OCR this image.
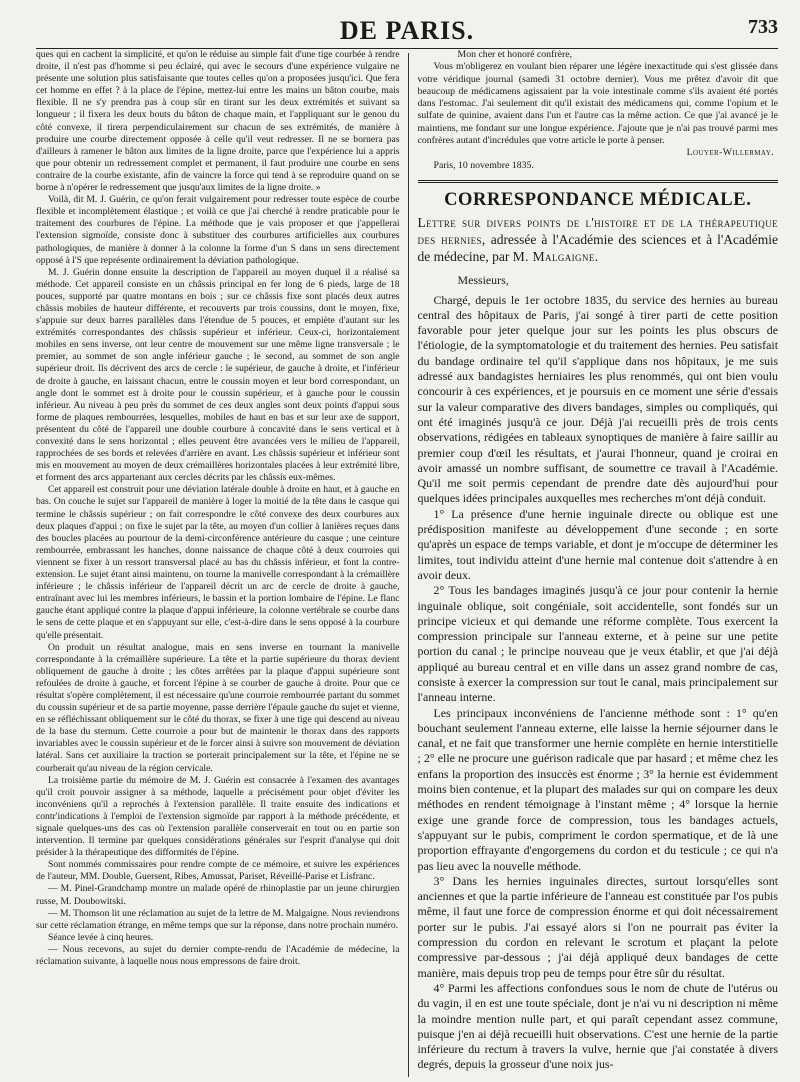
DE PARIS.	733

ques qui en cachent la simplicité, et qu'on le réduise au simple fait d'une tige courbée à rendre droite, il n'est pas d'homme si peu éclairé, qui avec le secours d'une expérience vulgaire ne présente une solution plus satisfaisante que toutes celles qu'on a proposées jusqu'ici. Que fera cet homme en effet ? à la place de l'épine, mettez-lui entre les mains un bâton courbe, mais flexible. Il ne s'y prendra pas à coup sûr en tirant sur les deux extrémités et suivant sa longueur ; il fixera les deux bouts du bâton de chaque main, et l'appliquant sur le genou du côté convexe, il tirera perpendiculairement sur chacun de ses extrémités, de manière à produire une courbe directement opposée à celle qu'il veut redresser. Il ne se bornera pas d'ailleurs à ramener le bâton aux limites de la ligne droite, parce que l'expérience lui a appris que pour obtenir un redressement complet et permanent, il faut produire une courbe en sens contraire de la courbe existante, afin de vaincre la force qui tend à se reproduire quand on se borne à n'opérer le redressement que jusqu'aux limites de la ligne droite. »

Voilà, dit M. J. Guérin, ce qu'on ferait vulgairement pour redresser toute espèce de courbe flexible et incomplètement élastique ; et voilà ce que j'ai cherché à rendre praticable pour le traitement des courbures de l'épine. La méthode que je vais proposer et que j'appellerai l'extension sigmoïde, consiste donc à substituer des courbures artificielles aux courbures pathologiques, de manière à donner à la colonne la forme d'un S dans un sens directement opposé à l'S que représente ordinairement la déviation pathologique.

M. J. Guérin donne ensuite la description de l'appareil au moyen duquel il a réalisé sa méthode. Cet appareil consiste en un châssis principal en fer long de 6 pieds, large de 18 pouces, supporté par quatre montans en bois ; sur ce châssis fixe sont placés deux autres châssis mobiles de hauteur différente, et recouverts par trois coussins, dont le moyen, fixe, s'appuie sur deux barres parallèles dans l'étendue de 5 pouces, et empiète d'autant sur les extrémités correspondantes des châssis supérieur et inférieur. Ceux-ci, horizontalement mobiles en sens inverse, ont leur centre de mouvement sur une même ligne transversale ; le premier, au sommet de son angle inférieur gauche ; le second, au sommet de son angle supérieur droit. Ils décrivent des arcs de cercle : le supérieur, de gauche à droite, et l'inférieur de droite à gauche, en laissant chacun, entre le coussin moyen et leur bord correspondant, un angle dont le sommet est à droite pour le coussin supérieur, et à gauche pour le coussin inférieur. Au niveau à peu près du sommet de ces deux angles sont deux points d'appui sous forme de plaques rembourrées, lesquelles, mobiles de haut en bas et sur leur axe de support, présentent du côté de l'appareil une double courbure à concavité dans le sens vertical et à convexité dans le sens horizontal ; elles peuvent être avancées vers le milieu de l'appareil, rapprochées de ses bords et relevées d'arrière en avant. Les châssis supérieur et inférieur sont mis en mouvement au moyen de deux crémaillères horizontales placées à leur extrémité libre, et forment des arcs appartenant aux cercles décrits par les châssis eux-mêmes.

Cet appareil est construit pour une déviation latérale double à droite en haut, et à gauche en bas. On couche le sujet sur l'appareil de manière à loger la moitié de la tête dans le casque qui termine le châssis supérieur ; on fait correspondre le côté convexe des deux courbures aux deux plaques d'appui ; on fixe le sujet par la tête, au moyen d'un collier à lanières reçues dans des boucles placées au pourtour de la demi-circonférence antérieure du casque ; une ceinture rembourrée, embrassant les hanches, donne naissance de chaque côté à deux courroies qui viennent se fixer à un ressort transversal placé au bas du châssis inférieur, et font la contre-extension. Le sujet étant ainsi maintenu, on tourne la manivelle correspondant à la crémaillère inférieure ; le châssis inférieur de l'appareil décrit un arc de cercle de droite à gauche, entraînant avec lui les membres inférieurs, le bassin et la portion lombaire de l'épine. Le flanc gauche étant appliqué contre la plaque d'appui inférieure, la colonne vertébrale se courbe dans le sens de cette plaque et en s'appuyant sur elle, c'est-à-dire dans le sens opposé à la courbure qu'elle présentait.

On produit un résultat analogue, mais en sens inverse en tournant la manivelle correspondante à la crémaillère supérieure. La tête et la partie supérieure du thorax devient obliquement de gauche à droite ; les côtes arrêtées par la plaque d'appui supérieure sont refoulées de droite à gauche, et forcent l'épine à se courber de gauche à droite. Pour que ce résultat s'opère complètement, il est nécessaire qu'une courroie rembourrée partant du sommet du coussin supérieur et de sa partie moyenne, passe derrière l'épaule gauche du sujet et vienne, en se réfléchissant obliquement sur le côté du thorax, se fixer à une tige qui descend au niveau de la base du sternum. Cette courroie a pour but de maintenir le thorax dans des rapports invariables avec le coussin supérieur et de le forcer ainsi à suivre son mouvement de déviation latéral. Sans cet auxiliaire la traction se porterait principalement sur la tête, et l'épine ne se courberait qu'au niveau de la région cervicale.

La troisième partie du mémoire de M. J. Guérin est consacrée à l'examen des avantages qu'il croit pouvoir assigner à sa méthode, laquelle a précisément pour objet d'éviter les inconvéniens qu'il a reprochés à l'extension parallèle. Il traite ensuite des indications et contr'indications à l'emploi de l'extension sigmoïde par rapport à la méthode précédente, et signale quelques-uns des cas où l'extension parallèle conserverait en tout ou en partie son intervention. Il termine par quelques considérations générales sur l'esprit d'analyse qui doit présider à la thérapeutique des difformités de l'épine.

Sont nommés commissaires pour rendre compte de ce mémoire, et suivre les expériences de l'auteur, MM. Double, Guersent, Ribes, Amussat, Pariset, Réveillé-Parise et Lisfranc.

— M. Pinel-Grandchamp montre un malade opéré de rhinoplastie par un jeune chirurgien russe, M. Doubowitski.

— M. Thomson lit une réclamation au sujet de la lettre de M. Malgaigne. Nous reviendrons sur cette réclamation étrange, en même temps que sur la réponse, dans notre prochain numéro.

Séance levée à cinq heures.

— Nous recevons, au sujet du dernier compte-rendu de l'Académie de médecine, la réclamation suivante, à laquelle nous nous empressons de faire droit.

Mon cher et honoré confrère,

Vous m'obligerez en voulant bien réparer une légère inexactitude qui s'est glissée dans votre véridique journal (samedi 31 octobre dernier). Vous me prêtez d'avoir dit que beaucoup de médicamens agissaient par la voie intestinale comme s'ils avaient été portés dans l'estomac. J'ai seulement dit qu'il existait des médicamens qui, comme l'opium et le sulfate de quinine, avaient dans l'un et l'autre cas la même action. Ce que j'ai avancé je le maintiens, me fondant sur une longue expérience. J'ajoute que je n'ai pas trouvé parmi mes confrères autant d'incrédules que votre article le porte à penser.

Louyer-Willermay.
Paris, 10 novembre 1835.
CORRESPONDANCE MÉDICALE.
Lettre sur divers points de l'histoire et de la thérapeutique des hernies, adressée à l'Académie des sciences et à l'Académie de médecine, par M. Malgaigne.

Messieurs,

Chargé, depuis le 1er octobre 1835, du service des hernies au bureau central des hôpitaux de Paris, j'ai songé à tirer parti de cette position favorable pour jeter quelque jour sur les points les plus obscurs de l'étiologie, de la symptomatologie et du traitement des hernies. Peu satisfait du bandage ordinaire tel qu'il s'applique dans nos hôpitaux, je me suis adressé aux bandagistes herniaires les plus renommés, qui ont bien voulu concourir à ces expériences, et je poursuis en ce moment une série d'essais sur la valeur comparative des divers bandages, simples ou compliqués, qui ont été imaginés jusqu'à ce jour. Déjà j'ai recueilli près de trois cents observations, rédigées en tableaux synoptiques de manière à faire saillir au premier coup d'œil les résultats, et j'aurai l'honneur, quand je croirai en avoir amassé un nombre suffisant, de soumettre ce travail à l'Académie. Qu'il me soit permis cependant de prendre date dès aujourd'hui pour quelques idées principales auxquelles mes recherches m'ont déjà conduit.

1° La présence d'une hernie inguinale directe ou oblique est une prédisposition manifeste au développement d'une seconde ; en sorte qu'après un espace de temps variable, et dont je m'occupe de déterminer les limites, tout individu atteint d'une hernie mal contenue doit s'attendre à en avoir deux.

2° Tous les bandages imaginés jusqu'à ce jour pour contenir la hernie inguinale oblique, soit congéniale, soit accidentelle, sont fondés sur un principe vicieux et qui demande une réforme complète. Tous exercent la compression principale sur l'anneau externe, et à peine sur une petite portion du canal ; le principe nouveau que je veux établir, et que j'ai déjà appliqué au bureau central et en ville dans un assez grand nombre de cas, consiste à exercer la compression sur tout le canal, mais principalement sur l'anneau interne.

Les principaux inconvéniens de l'ancienne méthode sont : 1° qu'en bouchant seulement l'anneau externe, elle laisse la hernie séjourner dans le canal, et ne fait que transformer une hernie complète en hernie interstitielle ; 2° elle ne procure une guérison radicale que par hasard ; et même chez les enfans la proportion des insuccès est énorme ; 3° la hernie est évidemment moins bien contenue, et la plupart des malades sur qui on compare les deux méthodes en rendent témoignage à l'instant même ; 4° lorsque la hernie exige une grande force de compression, tous les bandages actuels, s'appuyant sur le pubis, compriment le cordon spermatique, et de là une proportion effrayante d'engorgemens du cordon et du testicule ; ce qui n'a pas lieu avec la nouvelle méthode.

3° Dans les hernies inguinales directes, surtout lorsqu'elles sont anciennes et que la partie inférieure de l'anneau est constituée par l'os pubis même, il faut une force de compression énorme et qui doit nécessairement porter sur le pubis. J'ai essayé alors si l'on ne pourrait pas éviter la compression du cordon en relevant le scrotum et plaçant la pelote compressive par-dessous ; j'ai déjà appliqué deux bandages de cette manière, mais depuis trop peu de temps pour être sûr du résultat.

4° Parmi les affections confondues sous le nom de chute de l'utérus ou du vagin, il en est une toute spéciale, dont je n'ai vu ni description ni même la moindre mention nulle part, et qui paraît cependant assez commune, puisque j'en ai déjà recueilli huit observations. C'est une hernie de la partie inférieure du rectum à travers la vulve, hernie que j'ai constatée à divers degrés, depuis la grosseur d'une noix jus-
